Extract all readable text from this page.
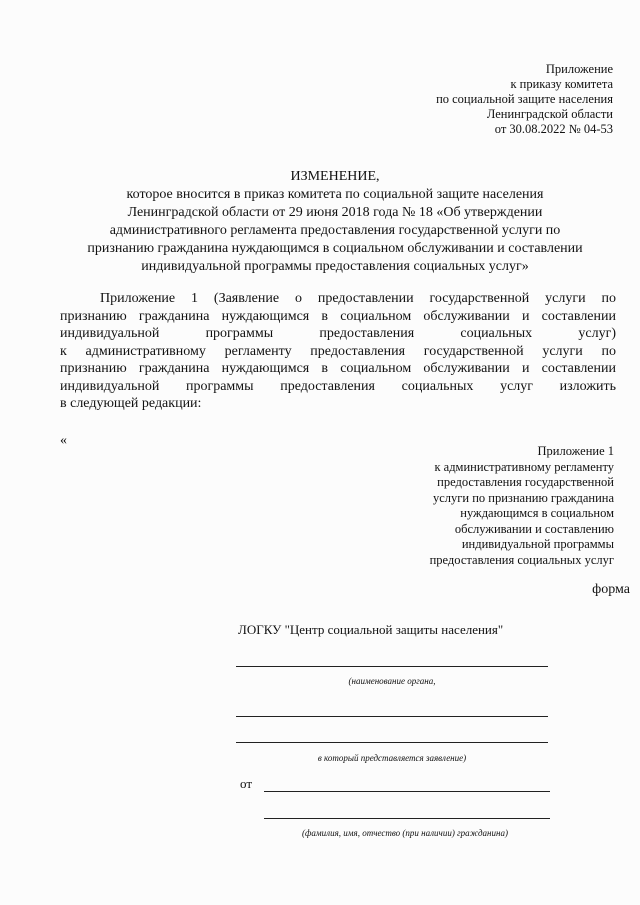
Приложение
к приказу комитета
по социальной защите населения
Ленинградской области
от 30.08.2022 № 04-53
ИЗМЕНЕНИЕ,
которое вносится в приказ комитета по социальной защите населения
Ленинградской области от 29 июня 2018 года № 18 «Об утверждении
административного регламента предоставления государственной услуги по
признанию гражданина нуждающимся в социальном обслуживании и составлении
индивидуальной программы предоставления социальных услуг»
Приложение 1 (Заявление о предоставлении государственной услуги по
признанию гражданина нуждающимся в социальном обслуживании и составлении
индивидуальной программы предоставления социальных услуг)
к административному регламенту предоставления государственной услуги по
признанию гражданина нуждающимся в социальном обслуживании и составлении
индивидуальной программы предоставления социальных услуг изложить
в следующей редакции:
«
Приложение 1
к административному регламенту
предоставления государственной
услуги по признанию гражданина
нуждающимся в социальном
обслуживании и составлению
индивидуальной программы
предоставления социальных услуг
форма
ЛОГКУ "Центр социальной защиты населения"
(наименование органа,
в который представляется заявление)
от
(фамилия, имя, отчество (при наличии) гражданина)
